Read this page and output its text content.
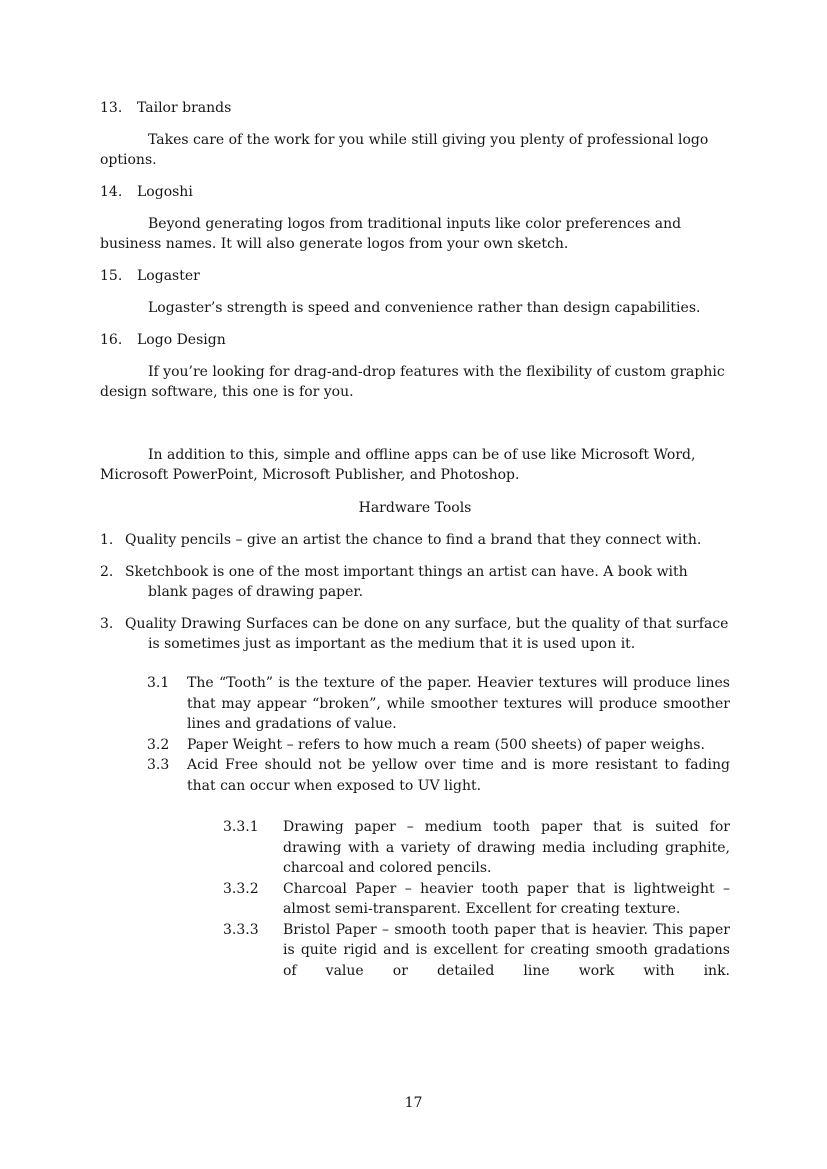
13. Tailor brands

Takes care of the work for you while still giving you plenty of professional logo options.

14. Logoshi

Beyond generating logos from traditional inputs like color preferences and business names. It will also generate logos from your own sketch.

15. Logaster

Logaster’s strength is speed and convenience rather than design capabilities.

16. Logo Design

If you’re looking for drag-and-drop features with the flexibility of custom graphic design software, this one is for you.

In addition to this, simple and offline apps can be of use like Microsoft Word, Microsoft PowerPoint, Microsoft Publisher, and Photoshop.

Hardware Tools
1. Quality pencils – give an artist the chance to find a brand that they connect with.
2. Sketchbook is one of the most important things an artist can have. A book with blank pages of drawing paper.
3. Quality Drawing Surfaces can be done on any surface, but the quality of that surface is sometimes just as important as the medium that it is used upon it.
3.1 The “Tooth” is the texture of the paper. Heavier textures will produce lines that may appear “broken”, while smoother textures will produce smoother lines and gradations of value.
3.2 Paper Weight – refers to how much a ream (500 sheets) of paper weighs.
3.3 Acid Free should not be yellow over time and is more resistant to fading that can occur when exposed to UV light.
3.3.1 Drawing paper – medium tooth paper that is suited for drawing with a variety of drawing media including graphite, charcoal and colored pencils.
3.3.2 Charcoal Paper – heavier tooth paper that is lightweight – almost semi-transparent. Excellent for creating texture.
3.3.3 Bristol Paper – smooth tooth paper that is heavier. This paper is quite rigid and is excellent for creating smooth gradations of value or detailed line work with ink.
17
